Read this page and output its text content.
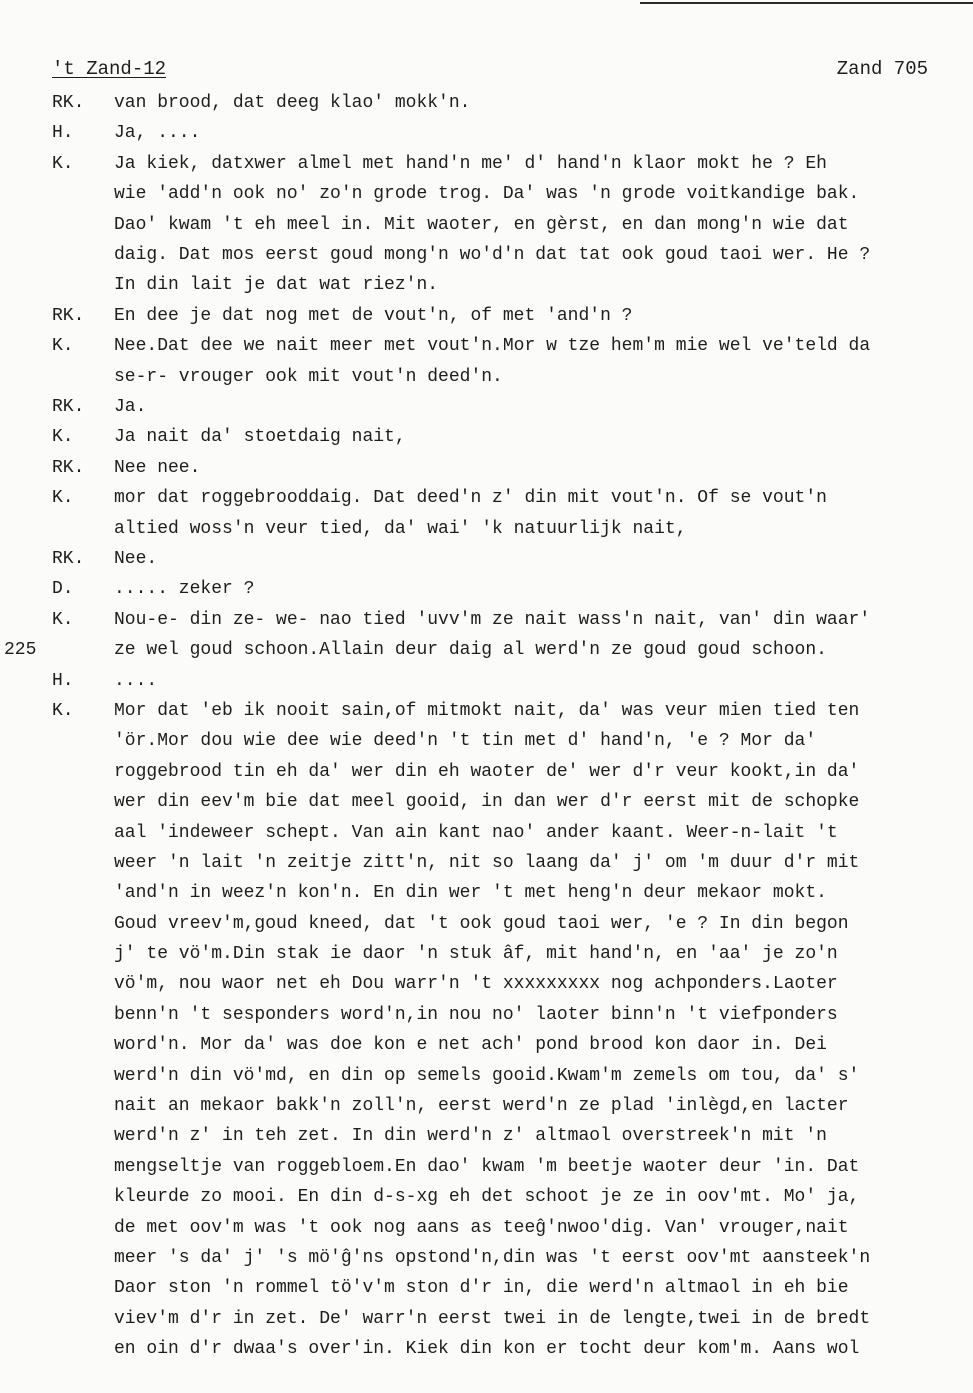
't Zand-12	Zand 705
RK.	van brood, dat deeg klao' mokk'n.
H.	Ja, ....
K.	Ja kiek, datxwer almel met hand'n me' d' hand'n klaor mokt he ? Eh
wie 'add'n ook no' zo'n grode trog. Da' was 'n grode voitkandige bak.
Dao' kwam 't eh meel in. Mit waoter, en gèrst, en dan mong'n wie dat
daig. Dat mos eerst goud mong'n wo'd'n dat tat ook goud taoi wer. He ?
In din lait je dat wat riez'n.
RK.	En dee je dat nog met de vout'n, of met 'and'n ?
K.	Nee.Dat dee we nait meer met vout'n.Mor w tze hem'm mie wel ve'teld da
se-r- vrouger ook mit vout'n deed'n.
RK.	Ja.
K.	Ja nait da' stoetdaig nait,
RK.	Nee nee.
K.	mor dat roggebrooddaig. Dat deed'n z' din mit vout'n. Of se vout'n
altied woss'n veur tied, da' wai' 'k natuurlijk nait,
RK.	Nee.
D.	..... zeker ?
225
K.	Nou-e- din ze- we- nao tied 'uvv'm ze nait wass'n nait, van' din waar'
ze wel goud schoon.Allain deur daig al werd'n ze goud goud schoon.
H.	....
K.	Mor dat 'eb ik nooit sain,of mitmokt nait, da' was veur mien tied ten
'ör.Mor dou wie dee wie deed'n 't tin met d' hand'n, 'e ? Mor da'
roggebrood tin eh da' wer din eh waoter de' wer d'r veur kookt,in da'
wer din eev'm bie dat meel gooid, in dan wer d'r eerst mit de schopke
aal 'indeweer schept. Van ain kant nao' ander kaant. Weer-n-lait 't
weer 'n lait 'n zeitje zitt'n, nit so laang da' j' om 'm duur d'r mit
'and'n in weez'n kon'n. En din wer 't met heng'n deur mekaor mokt.
Goud vreev'm,goud kneed, dat 't ook goud taoi wer, 'e ? In din begon
j' te vö'm.Din stak ie daor 'n stuk âf, mit hand'n, en 'aa' je zo'n
vö'm, nou waor net eh Dou warr'n 't xxxxxxxxx nog achponders.Laoter
benn'n 't sesponders word'n,in nou no' laoter binn'n 't viefponders
word'n. Mor da' was doe kon e net ach' pond brood kon daor in. Dei
werd'n din vö'md, en din op semels gooid.Kwam'm zemels om tou, da' s'
nait an mekaor bakk'n zoll'n, eerst werd'n ze plad 'inlègd,en lacter
werd'n z' in teh zet. In din werd'n z' altmaol overstreek'n mit 'n
mengseltje van roggebloem.En dao' kwam 'm beetje waoter deur 'in. Dat
kleurde zo mooi. En din d-s-xg eh det schoot je ze in oov'mt. Mo' ja,
de met oov'm was 't ook nog aans as teeĝ'nwoo'dig. Van' vrouger,nait
meer 's da' j' 's mö'ĝ'ns opstond'n,din was 't eerst oov'mt aansteek'n
Daor ston 'n rommel tö'v'm ston d'r in, die werd'n altmaol in eh bie
viev'm d'r in zet. De' warr'n eerst twei in de lengte,twei in de bredt
en oin d'r dwaa's over'in. Kiek din kon er tocht deur kom'm. Aans wol
